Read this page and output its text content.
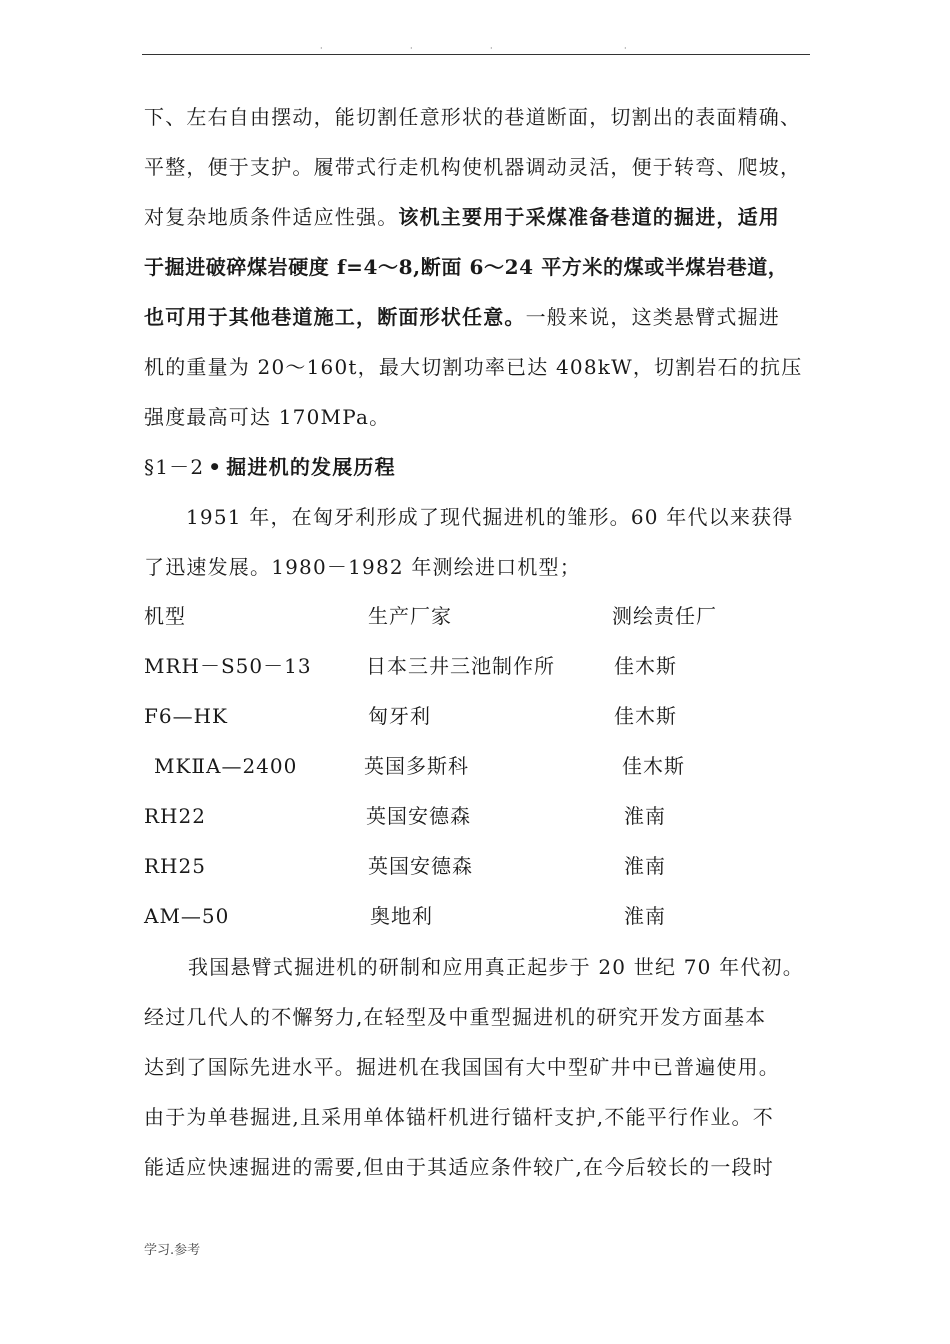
·	·	·	·
下、左右自由摆动，能切割任意形状的巷道断面，切割出的表面精确、
平整，便于支护。履带式行走机构使机器调动灵活，便于转弯、爬坡，
对复杂地质条件适应性强。该机主要用于采煤准备巷道的掘进，适用
于掘进破碎煤岩硬度 f=4～8,断面 6～24 平方米的煤或半煤岩巷道，
也可用于其他巷道施工，断面形状任意。一般来说，这类悬臂式掘进
机的重量为 20～160t，最大切割功率已达 408kW，切割岩石的抗压
强度最高可达 170MPa。
§1－2 • 掘进机的发展历程
1951 年，在匈牙利形成了现代掘进机的雏形。60 年代以来获得
了迅速发展。1980－1982 年测绘进口机型；
机型	生产厂家	测绘责任厂
MRH－S50－13	日本三井三池制作所	佳木斯
F6—HK	匈牙利	佳木斯
MKⅡA—2400	英国多斯科	佳木斯
RH22	英国安德森	淮南
RH25	英国安德森	淮南
AM—50	奥地利	淮南
我国悬臂式掘进机的研制和应用真正起步于 20 世纪 70 年代初。
经过几代人的不懈努力,在轻型及中重型掘进机的研究开发方面基本
达到了国际先进水平。掘进机在我国国有大中型矿井中已普遍使用。
由于为单巷掘进,且采用单体锚杆机进行锚杆支护,不能平行作业。不
能适应快速掘进的需要,但由于其适应条件较广,在今后较长的一段时
学习.参考
